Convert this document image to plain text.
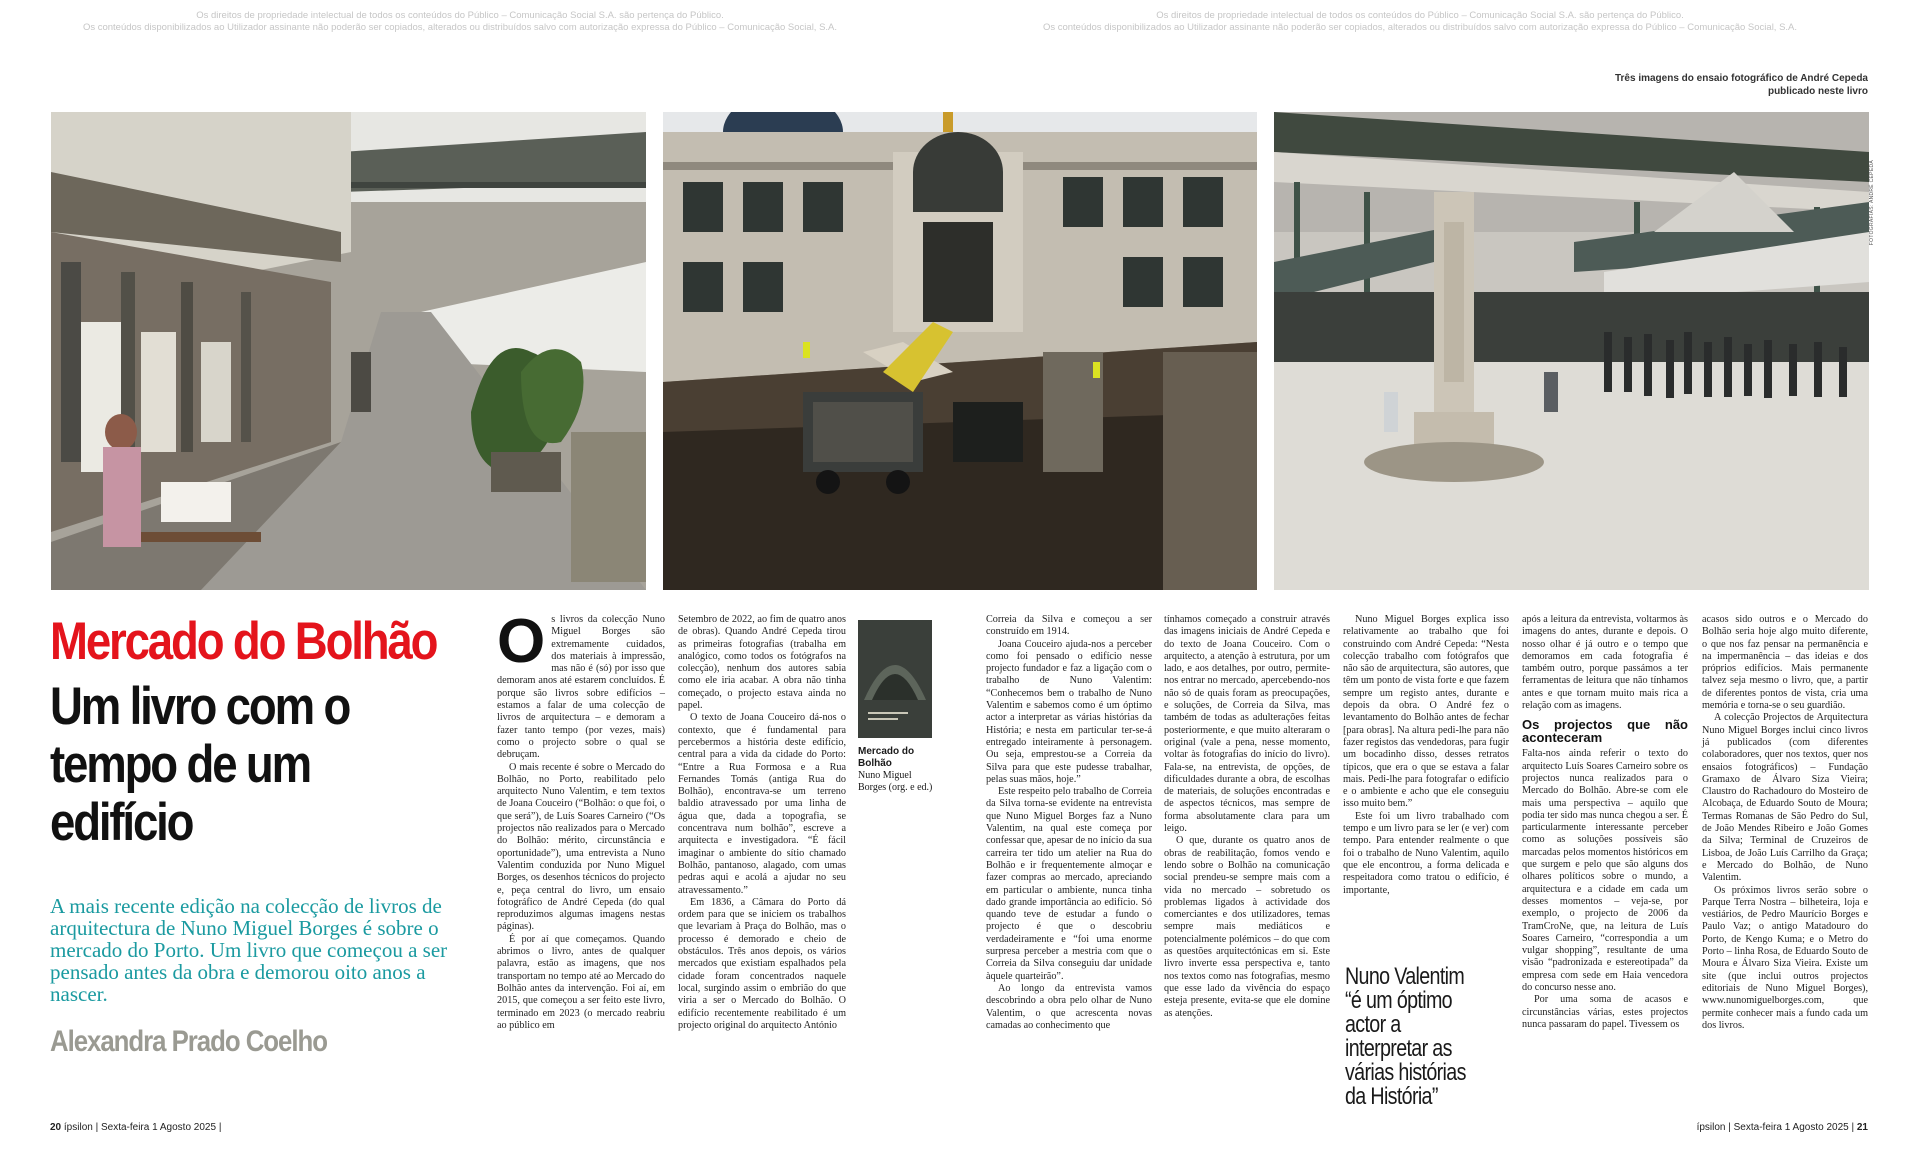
Os direitos de propriedade intelectual de todos os conteúdos do Público – Comunicação Social S.A. são pertença do Público.
Os conteúdos disponibilizados ao Utilizador assinante não poderão ser copiados, alterados ou distribuídos salvo com autorização expressa do Público – Comunicação Social, S.A.
Os direitos de propriedade intelectual de todos os conteúdos do Público – Comunicação Social S.A. são pertença do Público.
Os conteúdos disponibilizados ao Utilizador assinante não poderão ser copiados, alterados ou distribuídos salvo com autorização expressa do Público – Comunicação Social, S.A.
Três imagens do ensaio fotográfico de André Cepeda
publicado neste livro
FOTOGRAFIAS: ANDRÉ CEPEDA
Mercado do Bolhão
Um livro com o tempo de um edifício
A mais recente edição na colecção de livros de arquitectura de Nuno Miguel Borges é sobre o mercado do Porto. Um livro que começou a ser pensado antes da obra e demorou oito anos a nascer.
Alexandra Prado Coelho
O s livros da colecção Nuno Miguel Borges são extremamente cuidados, dos materiais à impressão, mas não é (só) por isso que demoram anos até estarem concluídos. É porque são livros sobre edifícios – estamos a falar de uma colecção de livros de arquitectura – e demoram a fazer tanto tempo (por vezes, mais) como o projecto sobre o qual se debruçam.

O mais recente é sobre o Mercado do Bolhão, no Porto, reabilitado pelo arquitecto Nuno Valentim, e tem textos de Joana Couceiro (“Bolhão: o que foi, o que será”), de Luís Soares Carneiro (“Os projectos não realizados para o Mercado do Bolhão: mérito, circunstância e oportunidade”), uma entrevista a Nuno Valentim conduzida por Nuno Miguel Borges, os desenhos técnicos do projecto e, peça central do livro, um ensaio fotográfico de André Cepeda (do qual reproduzimos algumas imagens nestas páginas).

É por aí que começamos. Quando abrimos o livro, antes de qualquer palavra, estão as imagens, que nos transportam no tempo até ao Mercado do Bolhão antes da intervenção. Foi aí, em 2015, que começou a ser feito este livro, terminado em 2023 (o mercado reabriu ao público em

Setembro de 2022, ao fim de quatro anos de obras). Quando André Cepeda tirou as primeiras fotografias (trabalha em analógico, como todos os fotógrafos na colecção), nenhum dos autores sabia como ele iria acabar. A obra não tinha começado, o projecto estava ainda no papel.

O texto de Joana Couceiro dá-nos o contexto, que é fundamental para percebermos a história deste edifício, central para a vida da cidade do Porto: “Entre a Rua Formosa e a Rua Fernandes Tomás (antiga Rua do Bolhão), encontrava-se um terreno baldio atravessado por uma linha de água que, dada a topografia, se concentrava num bolhão”, escreve a arquitecta e investigadora. “É fácil imaginar o ambiente do sítio chamado Bolhão, pantanoso, alagado, com umas pedras aqui e acolá a ajudar no seu atravessamento.”

Em 1836, a Câmara do Porto dá ordem para que se iniciem os trabalhos que levariam à Praça do Bolhão, mas o processo é demorado e cheio de obstáculos. Três anos depois, os vários mercados que existiam espalhados pela cidade foram concentrados naquele local, surgindo assim o embrião do que viria a ser o Mercado do Bolhão. O edifício recentemente reabilitado é um projecto original do arquitecto António

Mercado do Bolhão
Nuno Miguel Borges (org. e ed.)

Correia da Silva e começou a ser construído em 1914.

Joana Couceiro ajuda-nos a perceber como foi pensado o edifício nesse projecto fundador e faz a ligação com o trabalho de Nuno Valentim: “Conhecemos bem o trabalho de Nuno Valentim e sabemos como é um óptimo actor a interpretar as várias histórias da História; e nesta em particular ter-se-á entregado inteiramente à personagem. Ou seja, emprestou-se a Correia da Silva para que este pudesse trabalhar, pelas suas mãos, hoje.”

Este respeito pelo trabalho de Correia da Silva torna-se evidente na entrevista que Nuno Miguel Borges faz a Nuno Valentim, na qual este começa por confessar que, apesar de no início da sua carreira ter tido um atelier na Rua do Bolhão e ir frequentemente almoçar e fazer compras ao mercado, apreciando em particular o ambiente, nunca tinha dado grande importância ao edifício. Só quando teve de estudar a fundo o projecto é que o descobriu verdadeiramente e “foi uma enorme surpresa perceber a mestria com que o Correia da Silva conseguiu dar unidade àquele quarteirão”.

Ao longo da entrevista vamos descobrindo a obra pelo olhar de Nuno Valentim, o que acrescenta novas camadas ao conhecimento que

tínhamos começado a construir através das imagens iniciais de André Cepeda e do texto de Joana Couceiro. Com o arquitecto, a atenção à estrutura, por um lado, e aos detalhes, por outro, permite-nos entrar no mercado, apercebendo-nos não só de quais foram as preocupações, e soluções, de Correia da Silva, mas também de todas as adulterações feitas posteriormente, e que muito alteraram o original (vale a pena, nesse momento, voltar às fotografias do início do livro). Fala-se, na entrevista, de opções, de dificuldades durante a obra, de escolhas de materiais, de soluções encontradas e de aspectos técnicos, mas sempre de forma absolutamente clara para um leigo.

O que, durante os quatro anos de obras de reabilitação, fomos vendo e lendo sobre o Bolhão na comunicação social prendeu-se sempre mais com a vida no mercado – sobretudo os problemas ligados à actividade dos comerciantes e dos utilizadores, temas sempre mais mediáticos e potencialmente polémicos – do que com as questões arquitectónicas em si. Este livro inverte essa perspectiva e, tanto nos textos como nas fotografias, mesmo que esse lado da vivência do espaço esteja presente, evita-se que ele domine as atenções.

Nuno Miguel Borges explica isso relativamente ao trabalho que foi construindo com André Cepeda: “Nesta colecção trabalho com fotógrafos que não são de arquitectura, são autores, que têm um ponto de vista forte e que fazem sempre um registo antes, durante e depois da obra. O André fez o levantamento do Bolhão antes de fechar [para obras]. Na altura pedi-lhe para não fazer registos das vendedoras, para fugir um bocadinho disso, desses retratos típicos, que era o que se estava a falar mais. Pedi-lhe para fotografar o edifício e o ambiente e acho que ele conseguiu isso muito bem.”

Este foi um livro trabalhado com tempo e um livro para se ler (e ver) com tempo. Para entender realmente o que foi o trabalho de Nuno Valentim, aquilo que ele encontrou, a forma delicada e respeitadora como tratou o edifício, é importante,

Nuno Valentim “é um óptimo actor a interpretar as várias histórias da História”

após a leitura da entrevista, voltarmos às imagens do antes, durante e depois. O nosso olhar é já outro e o tempo que demoramos em cada fotografia é também outro, porque passámos a ter ferramentas de leitura que não tínhamos antes e que tornam muito mais rica a relação com as imagens.

Os projectos que não aconteceram

Falta-nos ainda referir o texto do arquitecto Luís Soares Carneiro sobre os projectos nunca realizados para o Mercado do Bolhão. Abre-se com ele mais uma perspectiva – aquilo que podia ter sido mas nunca chegou a ser. É particularmente interessante perceber como as soluções possíveis são marcadas pelos momentos históricos em que surgem e pelo que são alguns dos olhares políticos sobre o mundo, a arquitectura e a cidade em cada um desses momentos – veja-se, por exemplo, o projecto de 2006 da TramCroNe, que, na leitura de Luís Soares Carneiro, “correspondia a um vulgar shopping”, resultante de uma visão “padronizada e estereotipada” da empresa com sede em Haia vencedora do concurso nesse ano.

Por uma soma de acasos e circunstâncias várias, estes projectos nunca passaram do papel. Tivessem os

acasos sido outros e o Mercado do Bolhão seria hoje algo muito diferente, o que nos faz pensar na permanência e na impermanência – das ideias e dos próprios edifícios. Mais permanente talvez seja mesmo o livro, que, a partir de diferentes pontos de vista, cria uma memória e torna-se o seu guardião.

A colecção Projectos de Arquitectura Nuno Miguel Borges inclui cinco livros já publicados (com diferentes colaboradores, quer nos textos, quer nos ensaios fotográficos) – Fundação Gramaxo de Álvaro Siza Vieira; Claustro do Rachadouro do Mosteiro de Alcobaça, de Eduardo Souto de Moura; Termas Romanas de São Pedro do Sul, de João Mendes Ribeiro e João Gomes da Silva; Terminal de Cruzeiros de Lisboa, de João Luís Carrilho da Graça; e Mercado do Bolhão, de Nuno Valentim.

Os próximos livros serão sobre o Parque Terra Nostra – bilheteira, loja e vestiários, de Pedro Maurício Borges e Paulo Vaz; o antigo Matadouro do Porto, de Kengo Kuma; e o Metro do Porto – linha Rosa, de Eduardo Souto de Moura e Álvaro Siza Vieira. Existe um site (que inclui outros projectos editoriais de Nuno Miguel Borges), www.nunomiguelborges.com, que permite conhecer mais a fundo cada um dos livros.

20 ípsilon | Sexta-feira 1 Agosto 2025 |	ípsilon | Sexta-feira 1 Agosto 2025 | 21
